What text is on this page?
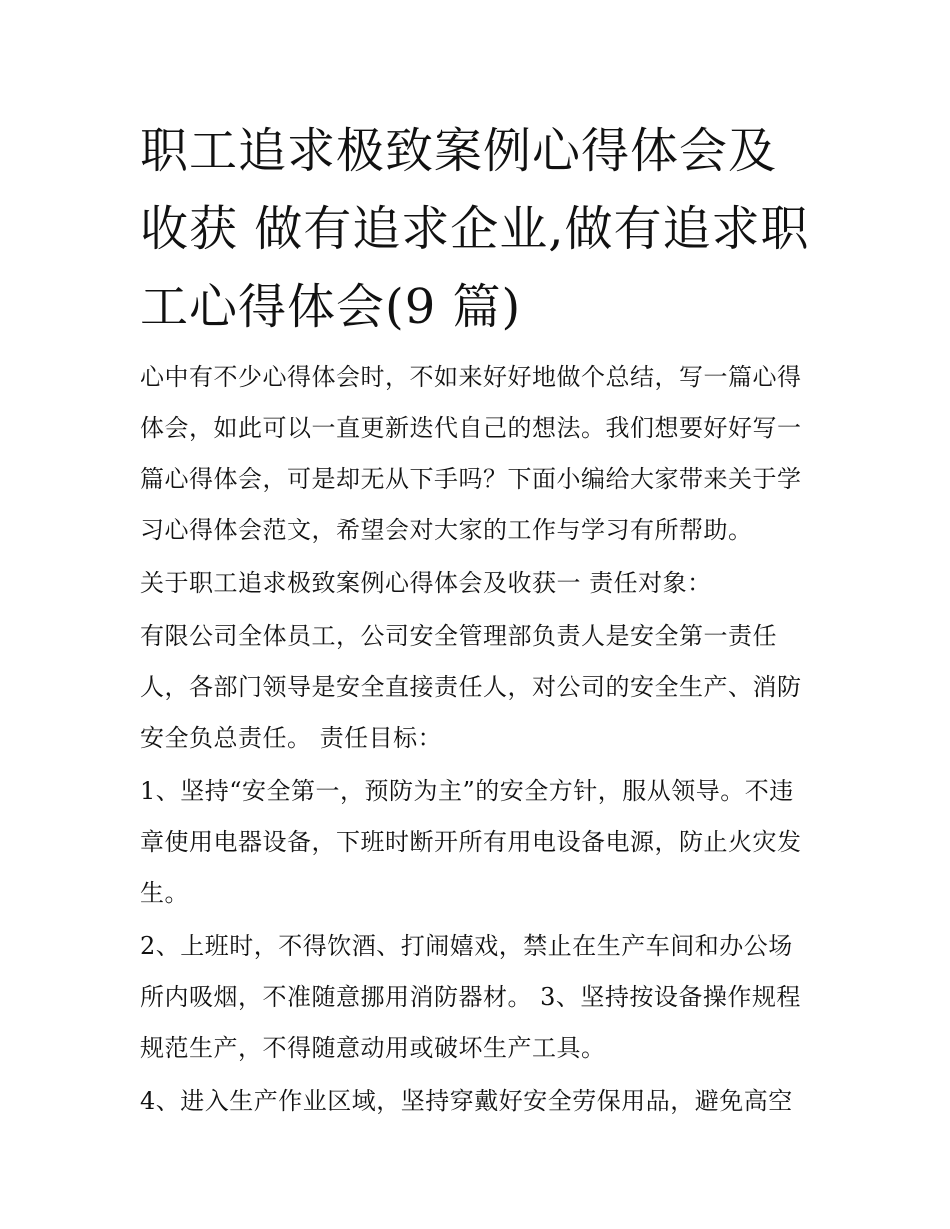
职工追求极致案例心得体会及
收获 做有追求企业,做有追求职
工心得体会(9 篇)

心中有不少心得体会时，不如来好好地做个总结，写一篇心得
体会，如此可以一直更新迭代自己的想法。我们想要好好写一
篇心得体会，可是却无从下手吗？下面小编给大家带来关于学
习心得体会范文，希望会对大家的工作与学习有所帮助。

关于职工追求极致案例心得体会及收获一 责任对象：

有限公司全体员工，公司安全管理部负责人是安全第一责任
人，各部门领导是安全直接责任人，对公司的安全生产、消防
安全负总责任。 责任目标：

1、坚持“安全第一，预防为主”的安全方针，服从领导。不违
章使用电器设备，下班时断开所有用电设备电源，防止火灾发
生。

2、上班时，不得饮酒、打闹嬉戏，禁止在生产车间和办公场
所内吸烟，不准随意挪用消防器材。 3、坚持按设备操作规程
规范生产，不得随意动用或破坏生产工具。

4、进入生产作业区域，坚持穿戴好安全劳保用品，避免高空
